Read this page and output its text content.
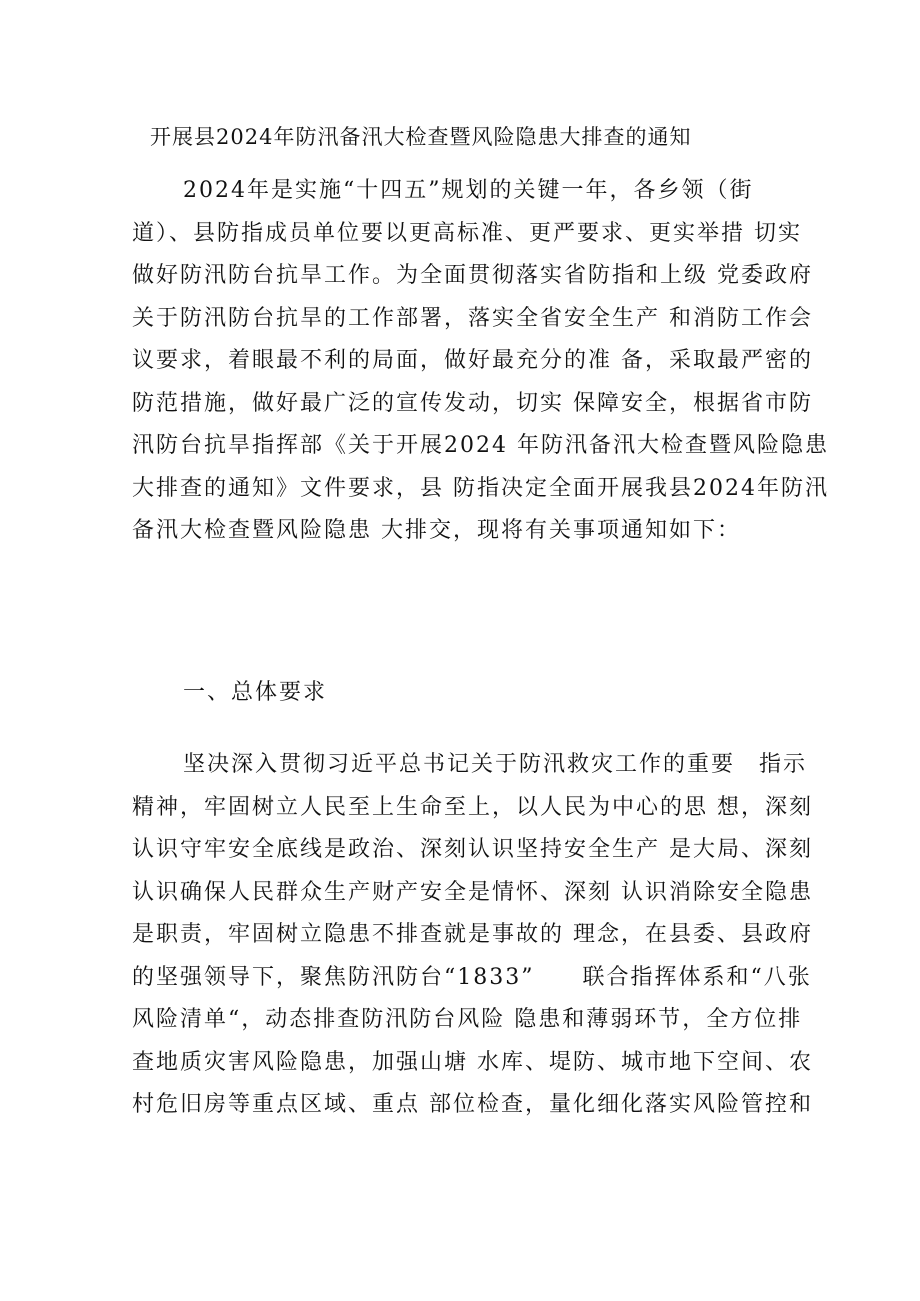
开展县2024年防汛备汛大检查暨风险隐患大排查的通知
2024年是实施“十四五”规划的关键一年，各乡领（街
道）、县防指成员单位要以更高标准、更严要求、更实举措 切实
做好防汛防台抗旱工作。为全面贯彻落实省防指和上级 党委政府
关于防汛防台抗旱的工作部署，落实全省安全生产 和消防工作会
议要求，着眼最不利的局面，做好最充分的准 备，采取最严密的
防范措施，做好最广泛的宣传发动，切实 保障安全，根据省市防
汛防台抗旱指挥部《关于开展2024 年防汛备汛大检查暨风险隐患
大排查的通知》文件要求，县 防指决定全面开展我县2024年防汛
备汛大检查暨风险隐患 大排交，现将有关事项通知如下：
一、总体要求
坚决深入贯彻习近平总书记关于防汛救灾工作的重要　指示
精神，牢固树立人民至上生命至上，以人民为中心的思 想，深刻
认识守牢安全底线是政治、深刻认识坚持安全生产 是大局、深刻
认识确保人民群众生产财产安全是情怀、深刻 认识消除安全隐患
是职责，牢固树立隐患不排查就是事故的 理念，在县委、县政府
的坚强领导下，聚焦防汛防台“1833”　　联合指挥体系和“八张
风险清单“，动态排查防汛防台风险 隐患和薄弱环节，全方位排
查地质灾害风险隐患，加强山塘 水库、堤防、城市地下空间、农
村危旧房等重点区域、重点 部位检查，量化细化落实风险管控和
